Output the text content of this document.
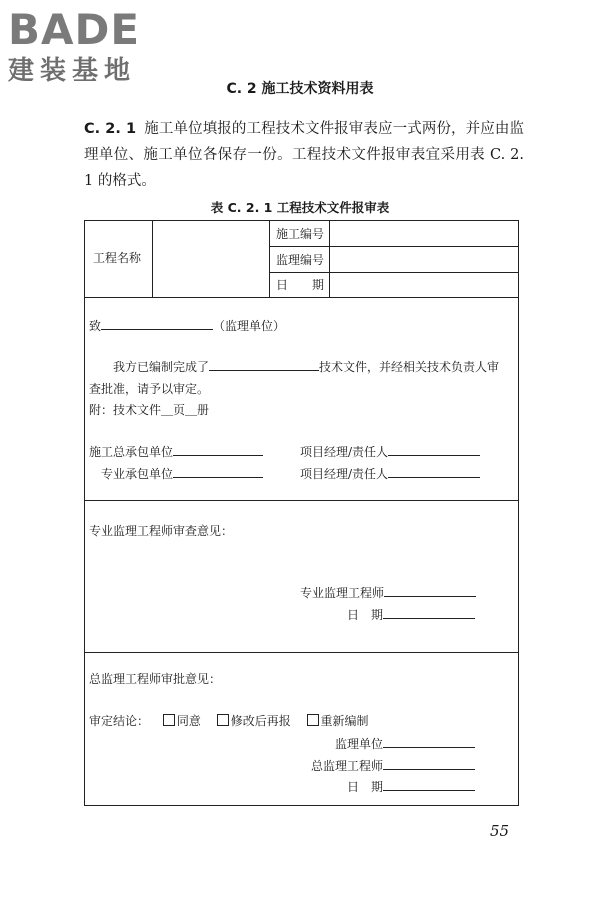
BADE
建装基地
C. 2 施工技术资料用表
C. 2. 1 施工单位填报的工程技术文件报审表应一式两份，并应由监理单位、施工单位各保存一份。工程技术文件报审表宜采用表 C. 2. 1 的格式。
表 C. 2. 1 工程技术文件报审表
工程名称
施工编号
监理编号
日　　期
致	（监理单位）
我方已编制完成了	技术文件，并经相关技术负责人审
查批准，请予以审定。
附：技术文件＿页＿册
施工总承包单位	项目经理/责任人
专业承包单位	项目经理/责任人
专业监理工程师审查意见：
专业监理工程师
日　期
总监理工程师审批意见：
审定结论： 同意 修改后再报 重新编制
监理单位
总监理工程师
日　期
55
